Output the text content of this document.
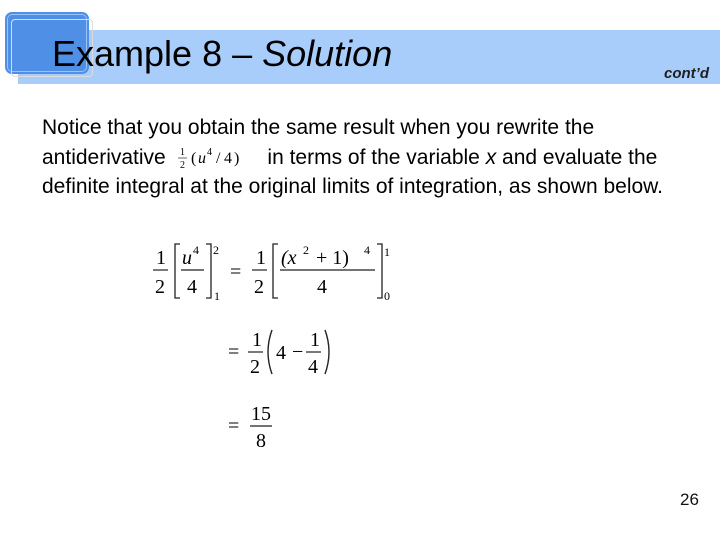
Example 8 – Solution	cont’d
Notice that you obtain the same result when you rewrite the antiderivative 1
2 ( u 4 / 4 ) in terms of the variable x and evaluate the definite integral at the original limits of integration, as shown below.
1
2
u 4
4
2
1
=
1
2
(x 2 + 1) 4
4
1
0
=
1
2
4 −
1
4
=
15
8
26
